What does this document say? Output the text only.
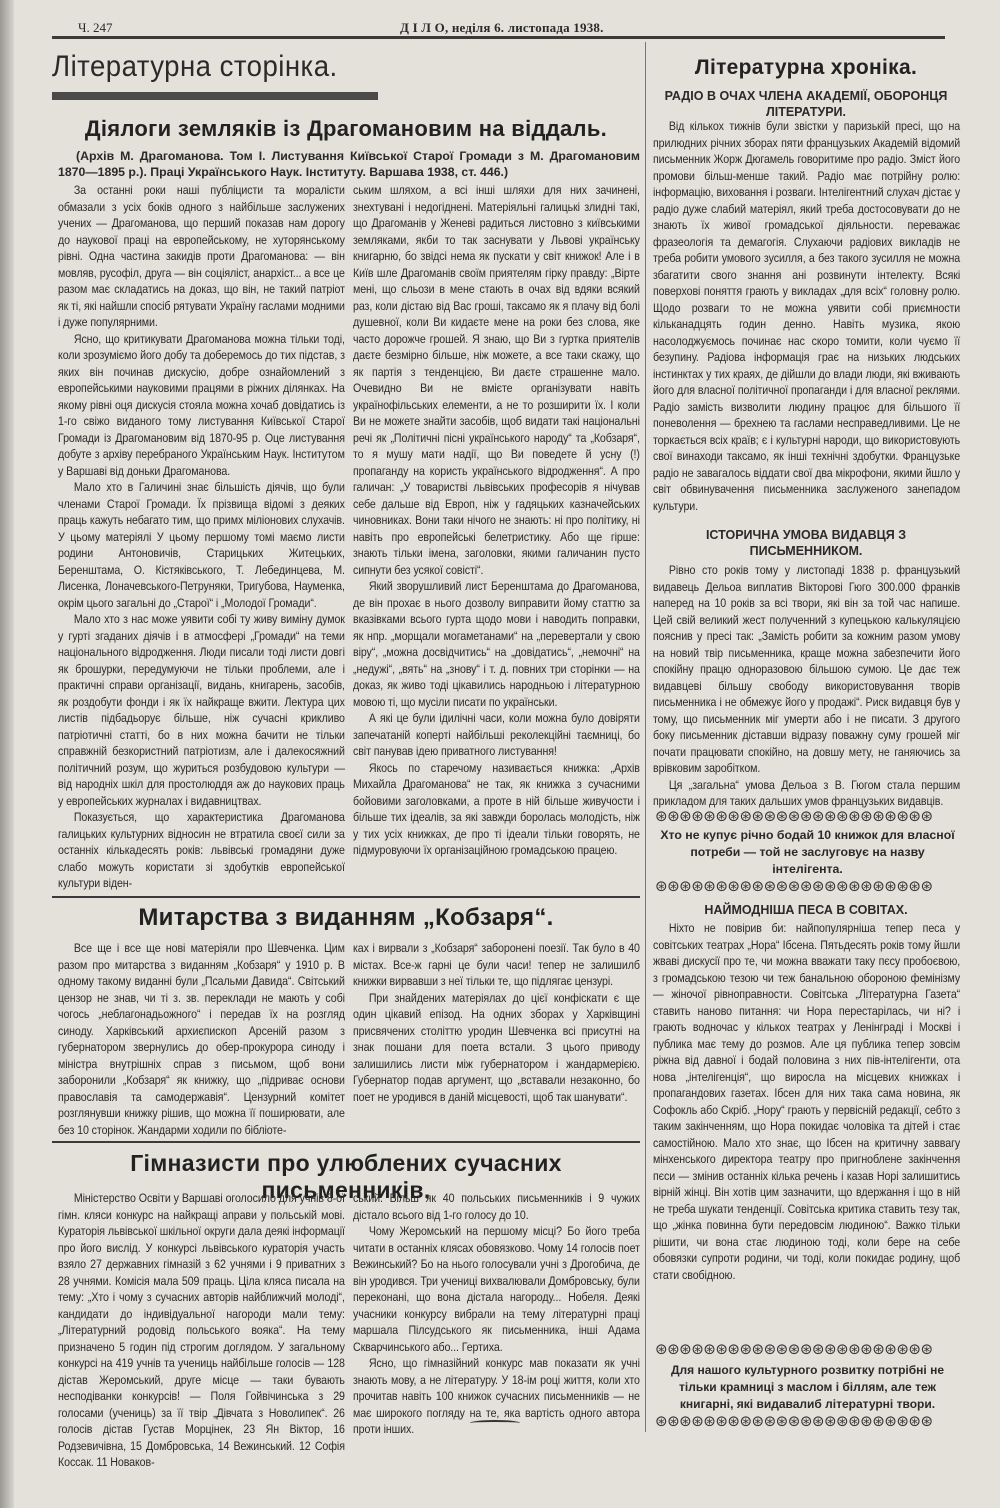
Ч. 247	Д І Л О, неділя 6. листопада 1938.
Літературна сторінка.
Діялоги земляків із Драгомановим на віддаль.
(Архів М. Драгоманова. Том І. Листування Київської Старої Громади з М. Драгомановим 1870—1895 р.). Праці Українського Наук. Інституту. Варшава 1938, ст. 446.)

За останні роки наші публіцисти та моралісти обмазали з усіх боків одного з найбільше заслужених учених — Драгоманова, що перший показав нам дорогу до наукової праці на европейському, не хуторянському рівні. Одна частина закидів проти Драгоманова: — він мовляв, русофіл, друга — він соціяліст, анархіст... а все це разом має складатись на доказ, що він, не такий патріот як ті, які найшли спосіб рятувати Україну гаслами модними і дуже популярними.

Ясно, що критикувати Драгоманова можна тільки тоді, коли зрозуміємо його добу та доберемось до тих підстав, з яких він починав дискусію, добре ознайомлений з европейськими науковими працями в ріжних ділянках. На якому рівні оця дискусія стояла можна хочаб довідатись із 1-го свіжо виданого тому листування Київської Старої Громади із Драгомановим від 1870-95 р. Оце листування добуте з архіву перебраного Українським Наук. Інститутом у Варшаві від доньки Драгоманова.

Мало хто в Галичині знає більшість діячів, що були членами Старої Громади. Їх прізвища відомі з деяких праць кажуть небагато тим, що примх міліонових слухачів. У цьому матеріялі У цьому першому томі маємо листи родини Антоновичів, Старицьких Житецьких, Беренштама, О. Кістяківського, Т. Лебединцева, М. Лисенка, Лоначевського-Петруняки, Тригубова, Науменка, окрім цього загальні до „Старої“ і „Молодої Громади“.

Мало хто з нас може уявити собі ту живу виміну думок у гурті згаданих діячів і в атмосфері „Громади“ на теми національного відродження. Люди писали тоді листи довгі як брошурки, передумуючи не тільки проблеми, але і практичні справи організації, видань, книгарень, засобів, як роздобути фонди і як їх найкраще вжити. Лектура цих листів підбадьорує більше, ніж сучасні крикливо патріотичні статті, бо в них можна бачити не тільки справжній безкористний патріотизм, але і далекосяжний політичний розум, що журиться розбудовою культури — від народніх шкіл для простолюддя аж до наукових праць у европейських журналах і видавництвах.

Показується, що характеристика Драгоманова галицьких культурних відносин не втратила своєї сили за останніх кількадесять років: львівські громадяни дуже слабо можуть користати зі здобутків европейської культури віден-

ським шляхом, а всі інші шляхи для них зачинені, знехтувані і недогіднені. Матеріяльні галицькі злидні такі, що Драгоманів у Женеві радиться листовно з київськими земляками, якби то так заснувати у Львові українську книгарню, бо звідсі нема як пускати у світ книжок! Але і в Київ шле Драгоманів своїм приятелям гірку правду: „Вірте мені, що сльози в мене стають в очах від вдяки всякий раз, коли дістаю від Вас гроші, таксамо як я плачу від болі душевної, коли Ви кидаєте мене на роки без слова, яке часто дорожче грошей. Я знаю, що Ви з гуртка приятелів даєте безмірно більше, ніж можете, а все таки скажу, що як партія з тенденцією, Ви даєте страшенне мало. Очевидно Ви не вмієте організувати навіть українофільських елементи, а не то розширити їх. І коли Ви не можете знайти засобів, щоб видати такі національні речі як „Політичні пісні українського народу“ та „Кобзаря“, то я мушу мати надії, що Ви поведете й усну (!) пропаганду на користь українського відродження“. А про галичан: „У товаристві львівських професорів я нічував себе дальше від Европ, ніж у гадяцьких казначейських чиновниках. Вони таки нічого не знають: ні про політику, ні навіть про европейські белетристику. Або ще гірше: знають тільки імена, заголовки, якими галичанин пусто сипнути без усякої совісті“.

Який зворушливий лист Беренштама до Драгоманова, де він прохає в нього дозволу виправити йому статтю за вказівками всього гурта щодо мови і наводить поправки, як нпр. „морщали могаметанами“ на „перевертали у свою віру“, „можна досвідчитись“ на „довідатись“, „немочні“ на „недужі“, „вять“ на „знову“ і т. д. повних три сторінки — на доказ, як живо тоді цікавились народньою і літературною мовою ті, що мусіли писати по українськи.

А які це були ідилічні часи, коли можна було довіряти запечатаній коперті найбільші реколекційні таємниці, бо світ панував ідею приватного листування!

Якось по старечому називається книжка: „Архів Михайла Драгоманова“ не так, як книжка з сучасними бойовими заголовками, а проте в ній більше живучости і більше тих ідеалів, за які завжди боролась молодість, ніж у тих усіх книжках, де про ті ідеали тільки говорять, не підмуровуючи їх організаційною громадською працею.

Митарства з виданням „Кобзаря“.

Все ще і все ще нові матеріяли про Шевченка. Цим разом про митарства з виданням „Кобзаря“ у 1910 р. В одному такому виданні були „Псальми Давида“. Світський цензор не знав, чи ті з. зв. переклади не мають у собі чогось „неблагонадьожного“ і передав їх на розгляд синоду. Харківський архиєпископ Арсеній разом з губернатором звернулись до обер-прокурора синоду і міністра внутрішніх справ з письмом, щоб вони заборонили „Кобзаря“ як книжку, що „підриває основи православія та самодержавія“. Цензурний комітет розглянувши книжку рішив, що можна її поширювати, але без 10 сторінок. Жандарми ходили по бібліоте-

ках і вирвали з „Кобзаря“ заборонені поезії. Так було в 40 містах. Все-ж гарні це були часи! тепер не залишилб книжки вирвавши з неї тільки те, що підлягає цензурі.

При знайдених матеріялах до цієї конфіскати є ще один цікавий епізод. На одних зборах у Харківщині присвячених століттю уродин Шевченка всі присутні на знак пошани для поета встали. З цього приводу залишились листи між губернатором і жандармерією. Губернатор подав аргумент, що „вставали незаконно, бо поет не уродився в даній місцевості, щоб так шанувати“.

Гімназисти про улюблених сучасних письменників.

Міністерство Освіти у Варшаві оголосило для учнів 8-ої гімн. кляси конкурс на найкращі аправи у польській мові. Кураторія львівської шкільної округи дала деякі інформації про його вислід. У конкурсі львівського кураторія участь взяло 27 державних гімназій з 62 учнями і 9 приватних з 28 учнями. Комісія мала 509 праць. Ціла кляса писала на тему: „Хто і чому з сучасних авторів найближчий молоді“, кандидати до індивідуальної нагороди мали тему: „Літературний родовід польського вояка“. На тему призначено 5 годин під строгим доглядом. У загальному конкурсі на 419 учнів та учениць найбільше голосів — 128 дістав Жеромський, друге місце — таки бувають несподіванки конкурсів! — Поля Гойвічинська з 29 голосами (учениць) за її твір „Дівчата з Новолипек“. 26 голосів дістав Густав Морцінек, 23 Ян Віктор, 16 Родзевичівна, 15 Домбровська, 14 Вежинський. 12 Софія Коссак. 11 Новаков-

ський. Більш як 40 польських письменників і 9 чужих дістало всього від 1-го голосу до 10.

Чому Жеромський на першому місці? Бо його треба читати в останніх клясах обовязково. Чому 14 голосів поет Вежинський? Бо на нього голосували учні з Дрогобича, де він уродився. Три учениці вихвалювали Домбровську, були переконані, що вона дістала нагороду... Нобеля. Деякі учасники конкурсу вибрали на тему літературні праці маршала Пілсудського як письменника, інші Адама Скварчинського або... Гертиха.

Ясно, що гімназійний конкурс мав показати як учні знають мову, а не літературу. У 18-ім році життя, коли хто прочитав навіть 100 книжок сучасних письменників — не має широкого погляду на те, яка вартість одного автора проти інших.

Літературна хроніка.
РАДІО В ОЧАХ ЧЛЕНА АКАДЕМІЇ, ОБОРОНЦЯ ЛІТЕРАТУРИ.

Від кількох тижнів були звістки у паризькій пресі, що на прилюдних річних зборах пяти французьких Академій відомий письменник Жорж Дюгамель говоритиме про радіо. Зміст його промови більш-менше такий. Радіо має потрійну ролю: інформацію, виховання і розваги. Інтелігентний слухач дістає у радіо дуже слабий матеріял, який треба достосовувати до не знають їх живої громадської діяльности. переважає фразеологія та демагогія. Слухаючи радіових викладів не треба робити умового зусилля, а без такого зусилля не можна збагатити свого знання ані розвинути інтелекту. Всякі поверхові поняття грають у викладах „для всіх“ головну ролю. Щодо розваги то не можна уявити собі приємности кільканадцять годин денно. Навіть музика, якою насолоджуємось починає нас скоро томити, коли чуємо її безупину. Радіова інформація грає на низьких людських інстинктах у тих краях, де дійшли до влади люди, які вживають його для власної політичної пропаганди і для власної реклями. Радіо замість визволити людину працює для більшого її поневолення — брехнею та гаслами несправедливими. Це не торкається всіх країв; є і культурні народи, що використовують свої винаходи таксамо, як інші технічні здобутки. Французьке радіо не завагалось віддати свої два мікрофони, якими йшло у світ обвинувачення письменника заслуженого занепадом культури.

ІСТОРИЧНА УМОВА ВИДАВЦЯ З ПИСЬМЕННИКОМ.

Рівно сто років тому у листопаді 1838 р. французький видавець Дельоа виплатив Вікторові Гюго 300.000 франків наперед на 10 років за всі твори, які він за той час напише. Цей свій великий жест полученний з купецькою калькуляцією пояснив у пресі так: „Замість робити за кожним разом умову на новий твір письменника, краще можна забезпечити його спокійну працю одноразовою більшою сумою. Це дає теж видавцеві більшу свободу використовування творів письменника і не обмежує його у продажі“. Риск видавця був у тому, що письменник міг умерти або і не писати. З другого боку письменник діставши відразу поважну суму грошей міг почати працювати спокійно, на довшу мету, не ганяючись за врівковим заробітком.

Ця „загальна“ умова Дельоа з В. Гюгом стала першим прикладом для таких дальших умов французьких видавців.

⊛⊛⊛⊛⊛⊛⊛⊛⊛⊛⊛⊛⊛⊛⊛⊛⊛⊛⊛⊛⊛⊛⊛
Хто не купує річно бодай 10 книжок для власної потреби — той не заслуговує на назву інтелігента.
⊛⊛⊛⊛⊛⊛⊛⊛⊛⊛⊛⊛⊛⊛⊛⊛⊛⊛⊛⊛⊛⊛⊛
НАЙМОДНІША ПЕСА В СОВІТАХ.

Ніхто не повірив би: найпопулярніша тепер песа у совітських театрах „Нора“ Ібсена. Пятьдесять років тому йшли жваві дискусії про те, чи можна вважати таку пєсу пробоєвою, з громадською тезою чи теж банальною обороною фемінізму — жіночої рівноправности. Совітська „Літературна Газета“ ставить наново питання: чи Нора перестарілась, чи ні? і грають водночас у кількох театрах у Ленінграді і Москві і публика має тему до розмов. Але ця публика тепер зовсім ріжна від давної і бодай половина з них пів-інтелігенти, ота нова „інтелігенція“, що виросла на місцевих книжках і пропагандових газетах. Ібсен для них така сама новина, як Софокль або Скріб. „Нору“ грають у первісній редакції, себто з таким закінченням, що Нора покидає чоловіка та дітей і стає самостійною. Мало хто знає, що Ібсен на критичну заввагу мінхенського директора театру про пригноблене закінчення пєси — змінив останніх кілька речень і казав Норі залишитись вірній жінці. Він хотів цим зазначити, що вдержання і що в ній не треба шукати тенденції. Совітська критика ставить тезу так, що „жінка повинна бути передовсім людиною“. Важко тільки рішити, чи вона стає людиною тоді, коли бере на себе обовязки супроти родини, чи тоді, коли покидає родину, щоб стати свобідною.

⊛⊛⊛⊛⊛⊛⊛⊛⊛⊛⊛⊛⊛⊛⊛⊛⊛⊛⊛⊛⊛⊛⊛
Для нашого культурного розвитку потрібні не тільки крамниці з маслом і біллям, але теж книгарні, які видавалиб літературні твори.
⊛⊛⊛⊛⊛⊛⊛⊛⊛⊛⊛⊛⊛⊛⊛⊛⊛⊛⊛⊛⊛⊛⊛
